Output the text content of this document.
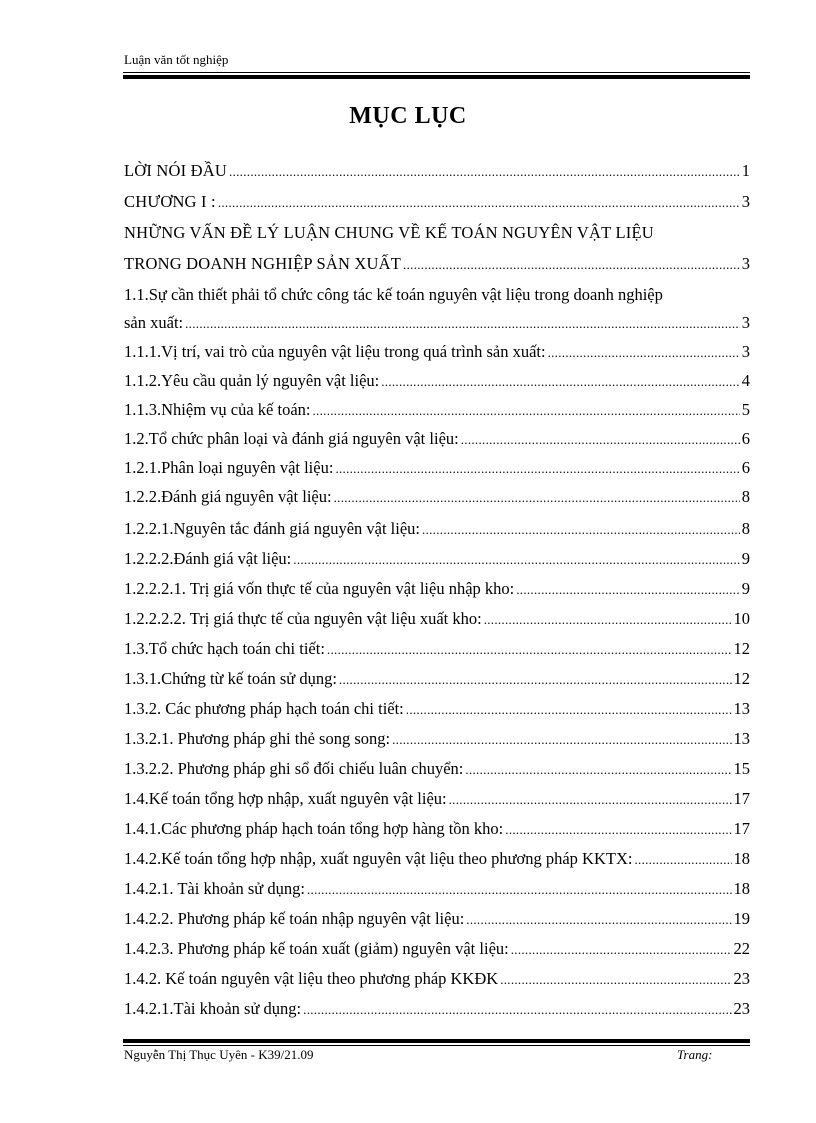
Luận văn tốt nghiệp
MỤC LỤC
LỜI NÓI ĐẦU .....	1
CHƯƠNG I : .....	3
NHỮNG VẤN ĐỀ LÝ LUẬN CHUNG VỀ KẾ TOÁN NGUYÊN VẬT LIỆU
TRONG DOANH NGHIỆP SẢN XUẤT .....	3
1.1.Sự cần thiết phải tổ chức công tác kế toán nguyên vật liệu trong doanh nghiệp
sản xuất: .....	3
1.1.1.Vị trí, vai trò của nguyên vật liệu trong quá trình sản xuất: .....	3
1.1.2.Yêu cầu quản lý nguyên vật liệu: .....	4
1.1.3.Nhiệm vụ của kế toán: .....	5
1.2.Tổ chức phân loại và đánh giá nguyên vật liệu: .....	6
1.2.1.Phân loại nguyên vật liệu: .....	6
1.2.2.Đánh giá nguyên vật liệu: .....	8
1.2.2.1.Nguyên tắc đánh giá nguyên vật liệu: .....	8
1.2.2.2.Đánh giá vật liệu: .....	9
1.2.2.2.1. Trị giá vốn thực tế của nguyên vật liệu nhập kho: .....	9
1.2.2.2.2. Trị giá thực tế của nguyên vật liệu xuất kho: .....	10
1.3.Tổ chức hạch toán chi tiết: .....	12
1.3.1.Chứng từ kế toán sử dụng: .....	12
1.3.2. Các phương pháp hạch toán chi tiết: .....	13
1.3.2.1. Phương pháp ghi thẻ song song: .....	13
1.3.2.2. Phương pháp ghi sổ đối chiếu luân chuyển: .....	15
1.4.Kế toán tổng hợp nhập, xuất nguyên vật liệu: .....	17
1.4.1.Các phương pháp hạch toán tổng hợp hàng tồn kho: .....	17
1.4.2.Kế toán tổng hợp nhập, xuất nguyên vật liệu theo phương pháp KKTX: .....	18
1.4.2.1. Tài khoản sử dụng: .....	18
1.4.2.2. Phương pháp kế toán nhập nguyên vật liệu: .....	19
1.4.2.3. Phương pháp kế toán xuất (giảm) nguyên vật liệu: .....	22
1.4.2. Kế toán nguyên vật liệu theo phương pháp KKĐK .....	23
1.4.2.1.Tài khoản sử dụng: .....	23
Nguyễn Thị Thục Uyên - K39/21.09	Trang:
